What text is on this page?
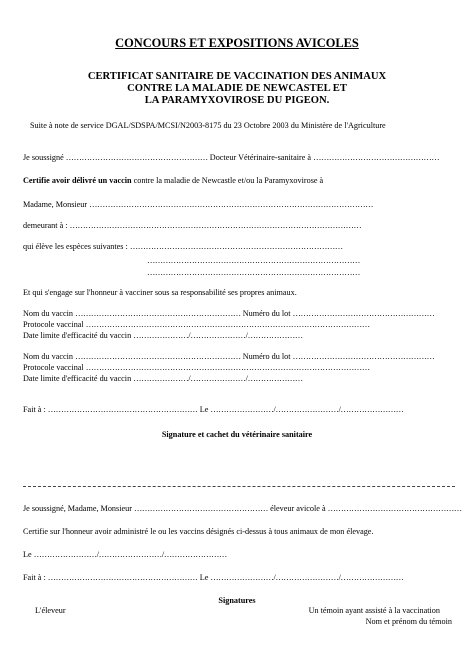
CONCOURS ET EXPOSITIONS AVICOLES
CERTIFICAT SANITAIRE DE VACCINATION DES ANIMAUX
CONTRE LA MALADIE DE NEWCASTEL ET
LA PARAMYXOVIROSE DU PIGEON.
Suite à note de service DGAL/SDSPA/MCSI/N2003-8175 du 23 Octobre 2003 du Ministère de l'Agriculture
Je soussigné ……………………………………………… Docteur Vétérinaire-sanitaire à …………………………………………
Certifie avoir délivré un vaccin contre la maladie de Newcastle et/ou la Paramyxovirose à
Madame, Monsieur ………………………………………………………………………………………………
demeurant à : …………………………………………………………………………………………………
qui élève les espèces suivantes : ………………………………………………………………………
………………………………………………………………………
………………………………………………………………………
Et qui s'engage sur l'honneur à vacciner sous sa responsabilité ses propres animaux.
Nom du vaccin ……………………………………………………… Numéro du lot ………………………………………………
Protocole vaccinal ………………………………………………………………………………………………
Date limite d'efficacité du vaccin …………………/…………………/…………………
Nom du vaccin ……………………………………………………… Numéro du lot ………………………………………………
Protocole vaccinal ………………………………………………………………………………………………
Date limite d'efficacité du vaccin …………………/…………………/…………………
Fait à : ………………………………………………… Le ……………………/……………………/……………………
Signature et cachet du vétérinaire sanitaire
Je soussigné, Madame, Monsieur …………………………………………… éleveur avicole à ……………………………………………
Certifie sur l'honneur avoir administré le ou les vaccins désignés ci-dessus à tous animaux de mon élevage.
Le ……………………/……………………/……………………
Fait à : ………………………………………………… Le ……………………/……………………/……………………
Signatures
L'éleveur	Un témoin ayant assisté à la vaccination
Nom et prénom du témoin
